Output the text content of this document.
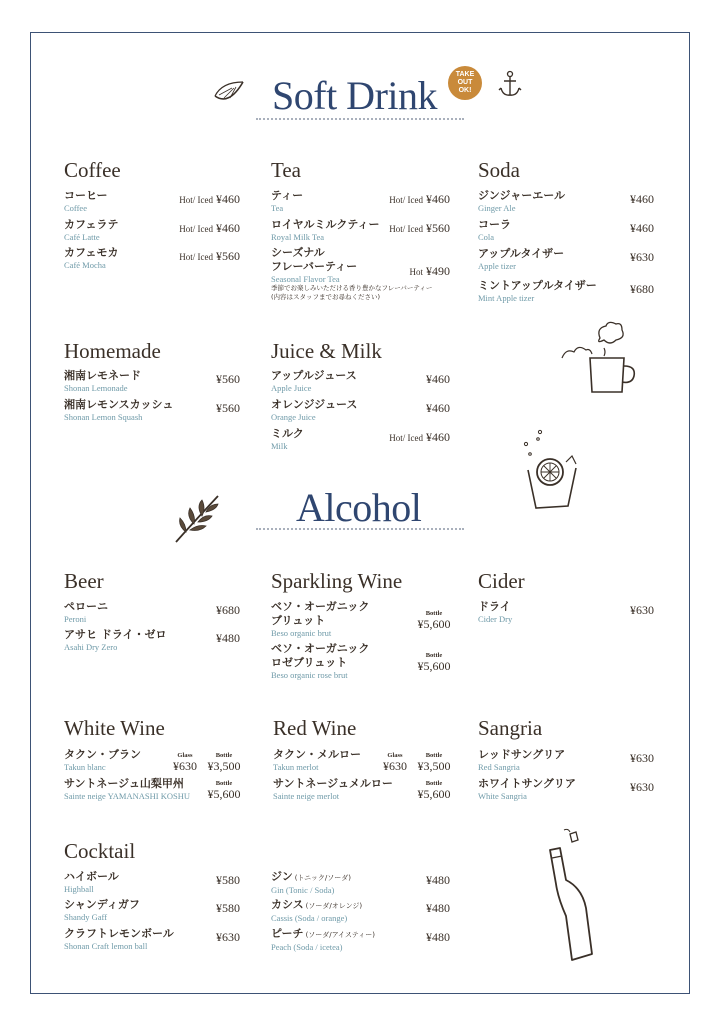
Soft Drink	TAKE
OUT
OK!
Coffee
コーヒー
Coffee
Hot/ Iced ¥460
カフェラテ
Café Latte
Hot/ Iced ¥460
カフェモカ
Café Mocha
Hot/ Iced ¥560
Tea
ティー
Tea
Hot/ Iced ¥460
ロイヤルミルクティー
Royal Milk Tea
Hot/ Iced ¥560
シーズナル
フレーバーティー
Seasonal Flavor Tea
季節でお楽しみいただける香り豊かなフレーバーティー
(内容はスタッフまでお尋ねください)
Hot ¥490
Soda
ジンジャーエール
Ginger Ale
¥460
コーラ
Cola
¥460
アップルタイザー
Apple tizer
¥630
ミントアップルタイザー
Mint Apple tizer
¥680
Homemade
湘南レモネード
Shonan Lemonade
¥560
湘南レモンスカッシュ
Shonan Lemon Squash
¥560
Juice & Milk
アップルジュース
Apple Juice
¥460
オレンジジュース
Orange Juice
¥460
ミルク
Milk
Hot/ Iced ¥460
Alcohol
Beer
ペローニ
Peroni
¥680
アサヒ ドライ・ゼロ
Asahi Dry Zero
¥480
Sparkling Wine
ベソ・オーガニック
ブリュット
Beso organic brut
Bottle
¥5,600
ベソ・オーガニック
ロゼブリュット
Beso organic rose brut
Bottle
¥5,600
Cider
ドライ
Cider Dry
¥630
White Wine
タクン・ブラン
Takun blanc
Glass
¥630
Bottle
¥3,500
サントネージュ山梨甲州
Sainte neige YAMANASHI KOSHU
Bottle
¥5,600
Red Wine
タクン・メルロー
Takun merlot
Glass
¥630
Bottle
¥3,500
サントネージュメルロー
Sainte neige merlot
Bottle
¥5,600
Sangria
レッドサングリア
Red Sangria
¥630
ホワイトサングリア
White Sangria
¥630
Cocktail
ハイボール
Highball
¥580
シャンディガフ
Shandy Gaff
¥580
クラフトレモンボール
Shonan Craft lemon ball
¥630
ジン (トニック/ソーダ)
Gin (Tonic / Soda)
¥480
カシス (ソーダ/オレンジ)
Cassis (Soda / orange)
¥480
ピーチ (ソーダ/アイスティー)
Peach (Soda / icetea)
¥480
